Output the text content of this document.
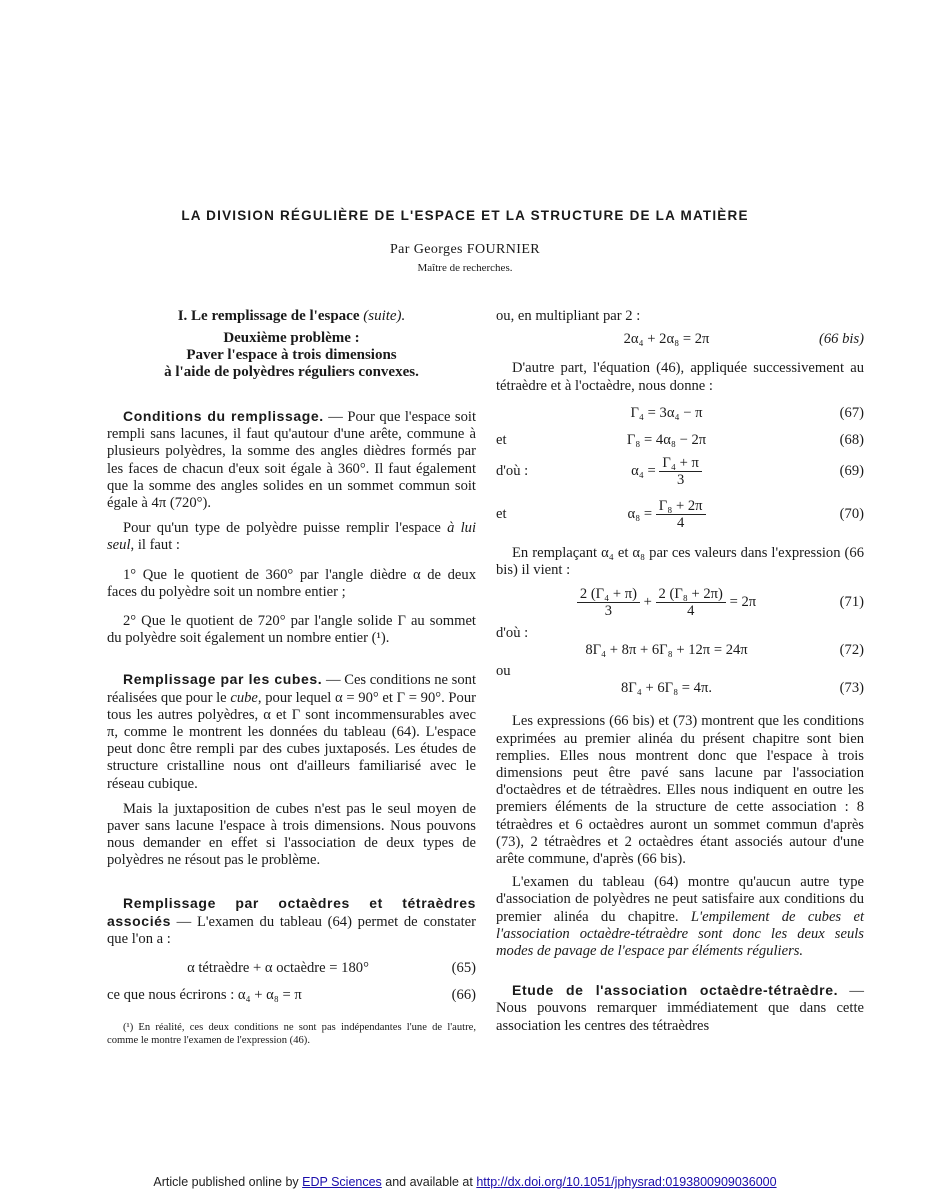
LA DIVISION RÉGULIÈRE DE L'ESPACE ET LA STRUCTURE DE LA MATIÈRE
Par Georges FOURNIER
Maître de recherches.
I. Le remplissage de l'espace (suite).
Deuxième problème :
Paver l'espace à trois dimensions
à l'aide de polyèdres réguliers convexes.

Conditions du remplissage. — Pour que l'espace soit rempli sans lacunes, il faut qu'autour d'une arête, commune à plusieurs polyèdres, la somme des angles dièdres formés par les faces de chacun d'eux soit égale à 360°. Il faut également que la somme des angles solides en un sommet commun soit égale à 4π (720°).

Pour qu'un type de polyèdre puisse remplir l'espace à lui seul, il faut :

1° Que le quotient de 360° par l'angle dièdre α de deux faces du polyèdre soit un nombre entier ;

2° Que le quotient de 720° par l'angle solide Γ au sommet du polyèdre soit également un nombre entier (¹).

Remplissage par les cubes. — Ces conditions ne sont réalisées que pour le cube, pour lequel α = 90° et Γ = 90°. Pour tous les autres polyèdres, α et Γ sont incommensurables avec π, comme le montrent les données du tableau (64). L'espace peut donc être rempli par des cubes juxtaposés. Les études de structure cristalline nous ont d'ailleurs familiarisé avec le réseau cubique.

Mais la juxtaposition de cubes n'est pas le seul moyen de paver sans lacune l'espace à trois dimensions. Nous pouvons nous demander en effet si l'association de deux types de polyèdres ne résout pas le problème.

Remplissage par octaèdres et tétraèdres associés — L'examen du tableau (64) permet de constater que l'on a :

α tétraèdre + α octaèdre = 180°	(65)
ce que nous écrirons : α₄ + α₈ = π	(66)

(¹) En réalité, ces deux conditions ne sont pas indépendantes l'une de l'autre, comme le montre l'examen de l'expression (46).

ou, en multipliant par 2 :

2α₄ + 2α₈ = 2π	(66 bis)

D'autre part, l'équation (46), appliquée successivement au tétraèdre et à l'octaèdre, nous donne :

Γ₄ = 3α₄ − π	(67)
et	Γ₈ = 4α₈ − 2π	(68)
d'où :	$\alpha_4 = \frac{\text{Γ₄ + π}}{3}$	(69)
et	$\alpha_8 = \frac{\text{Γ₈ + 2π}}{4}$	(70)

En remplaçant α₄ et α₈ par ces valeurs dans l'expression (66 bis) il vient :

$\frac{\text{2 (Γ₄ + π)}}{3} + \frac{\text{2 (Γ₈ + 2π)}}{4} = 2\pi$	(71)
d'où :
8Γ₄ + 8π + 6Γ₈ + 12π = 24π	(72)
ou
8Γ₄ + 6Γ₈ = 4π.	(73)

Les expressions (66 bis) et (73) montrent que les conditions exprimées au premier alinéa du présent chapitre sont bien remplies. Elles nous montrent donc que l'espace à trois dimensions peut être pavé sans lacune par l'association d'octaèdres et de tétraèdres. Elles nous indiquent en outre les premiers éléments de la structure de cette association : 8 tétraèdres et 6 octaèdres auront un sommet commun d'après (73), 2 tétraèdres et 2 octaèdres étant associés autour d'une arête commune, d'après (66 bis).

L'examen du tableau (64) montre qu'aucun autre type d'association de polyèdres ne peut satisfaire aux conditions du premier alinéa du chapitre. L'empilement de cubes et l'association octaèdre-tétraèdre sont donc les deux seuls modes de pavage de l'espace par éléments réguliers.

Etude de l'association octaèdre-tétraèdre. — Nous pouvons remarquer immédiatement que dans cette association les centres des tétraèdres

Article published online by EDP Sciences and available at http://dx.doi.org/10.1051/jphysrad:0193800909036000
